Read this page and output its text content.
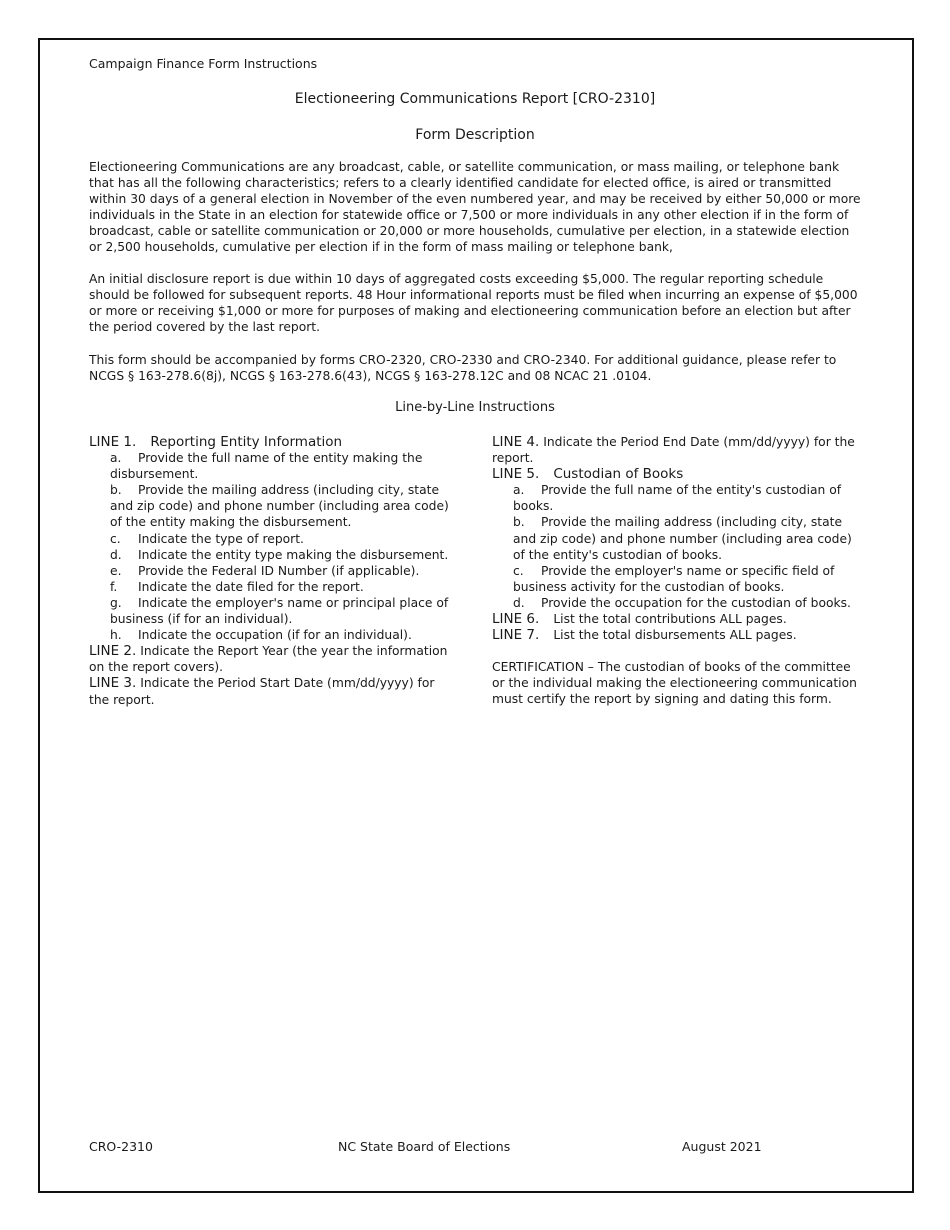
Campaign Finance Form Instructions
Electioneering Communications Report [CRO-2310]
Form Description
Electioneering Communications are any broadcast, cable, or satellite communication, or mass mailing, or telephone bank that has all the following characteristics; refers to a clearly identified candidate for elected office, is aired or transmitted within 30 days of a general election in November of the even numbered year, and may be received by either 50,000 or more individuals in the State in an election for statewide office or 7,500 or more individuals in any other election if in the form of broadcast, cable or satellite communication or 20,000 or more households, cumulative per election, in a statewide election or 2,500 households, cumulative per election if in the form of mass mailing or telephone bank,
An initial disclosure report is due within 10 days of aggregated costs exceeding $5,000. The regular reporting schedule should be followed for subsequent reports. 48 Hour informational reports must be filed when incurring an expense of $5,000 or more or receiving $1,000 or more for purposes of making and electioneering communication before an election but after the period covered by the last report.
This form should be accompanied by forms CRO-2320, CRO-2330 and CRO-2340. For additional guidance, please refer to NCGS § 163-278.6(8j), NCGS § 163-278.6(43), NCGS § 163-278.12C and 08 NCAC 21 .0104.
Line-by-Line Instructions
LINE 1. Reporting Entity Information
a. Provide the full name of the entity making the disbursement.
b. Provide the mailing address (including city, state and zip code) and phone number (including area code) of the entity making the disbursement.
c. Indicate the type of report.
d. Indicate the entity type making the disbursement.
e. Provide the Federal ID Number (if applicable).
f. Indicate the date filed for the report.
g. Indicate the employer's name or principal place of business (if for an individual).
h. Indicate the occupation (if for an individual).
LINE 2. Indicate the Report Year (the year the information on the report covers).
LINE 3. Indicate the Period Start Date (mm/dd/yyyy) for the report.
LINE 4. Indicate the Period End Date (mm/dd/yyyy) for the report.
LINE 5. Custodian of Books
a. Provide the full name of the entity's custodian of books.
b. Provide the mailing address (including city, state and zip code) and phone number (including area code) of the entity's custodian of books.
c. Provide the employer's name or specific field of business activity for the custodian of books.
d. Provide the occupation for the custodian of books.
LINE 6. List the total contributions ALL pages.
LINE 7. List the total disbursements ALL pages.
CERTIFICATION – The custodian of books of the committee or the individual making the electioneering communication must certify the report by signing and dating this form.
CRO-2310	NC State Board of Elections	August 2021
